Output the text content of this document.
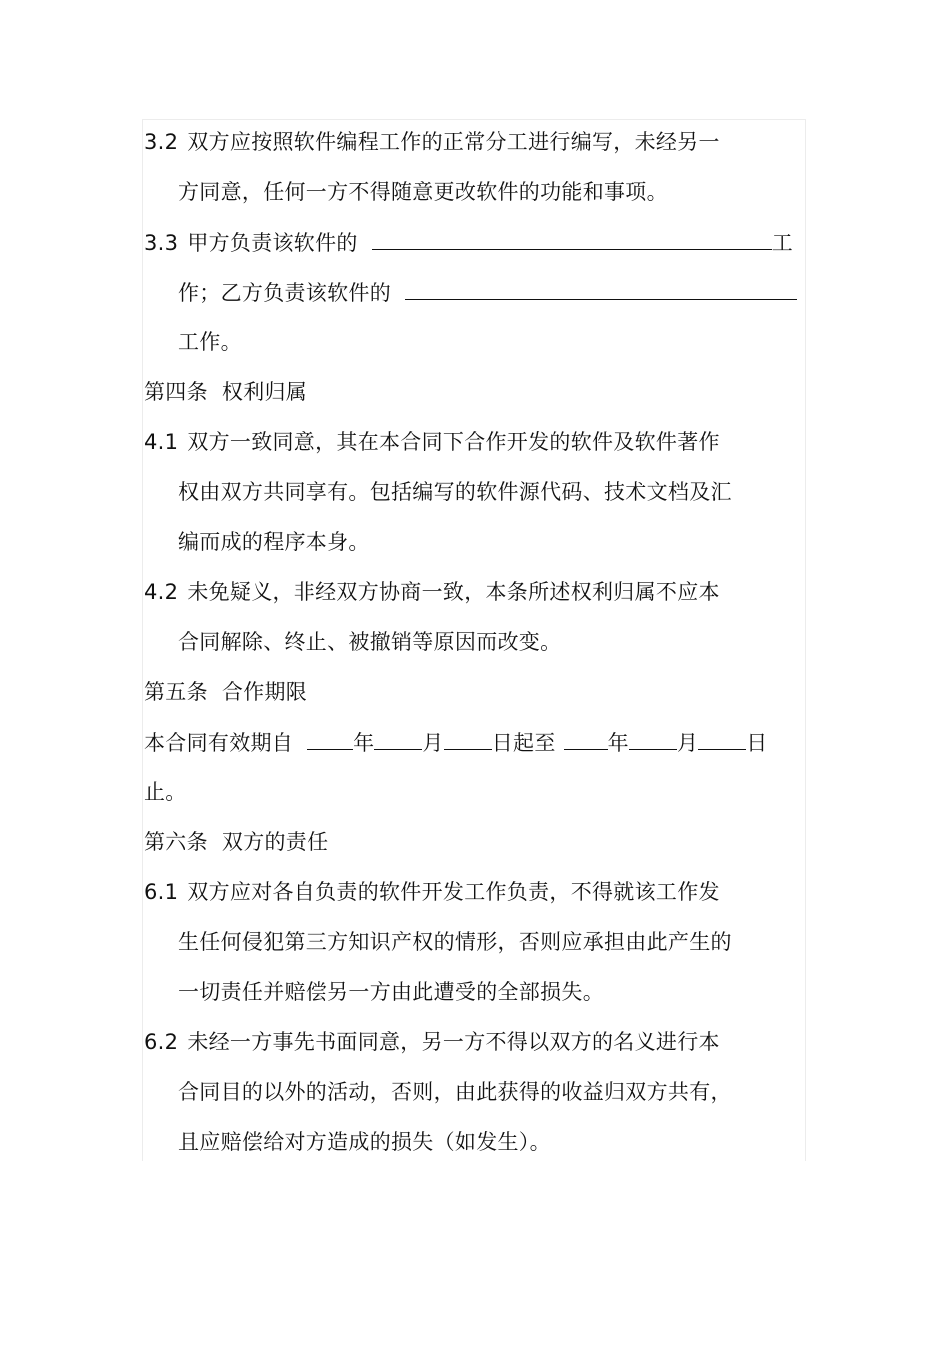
3.2 双方应按照软件编程工作的正常分工进行编写，未经另一
方同意，任何一方不得随意更改软件的功能和事项。
3.3 甲方负责该软件的	工
作；乙方负责该软件的
工作。
第四条 权利归属
4.1 双方一致同意，其在本合同下合作开发的软件及软件著作
权由双方共同享有。包括编写的软件源代码、技术文档及汇
编而成的程序本身。
4.2 未免疑义，非经双方协商一致，本条所述权利归属不应本
合同解除、终止、被撤销等原因而改变。
第五条 合作期限
本合同有效期自	年 月 日起至 年 月 日
止。
第六条 双方的责任
6.1 双方应对各自负责的软件开发工作负责，不得就该工作发
生任何侵犯第三方知识产权的情形，否则应承担由此产生的
一切责任并赔偿另一方由此遭受的全部损失。
6.2 未经一方事先书面同意，另一方不得以双方的名义进行本
合同目的以外的活动，否则，由此获得的收益归双方共有，
且应赔偿给对方造成的损失（如发生）。
